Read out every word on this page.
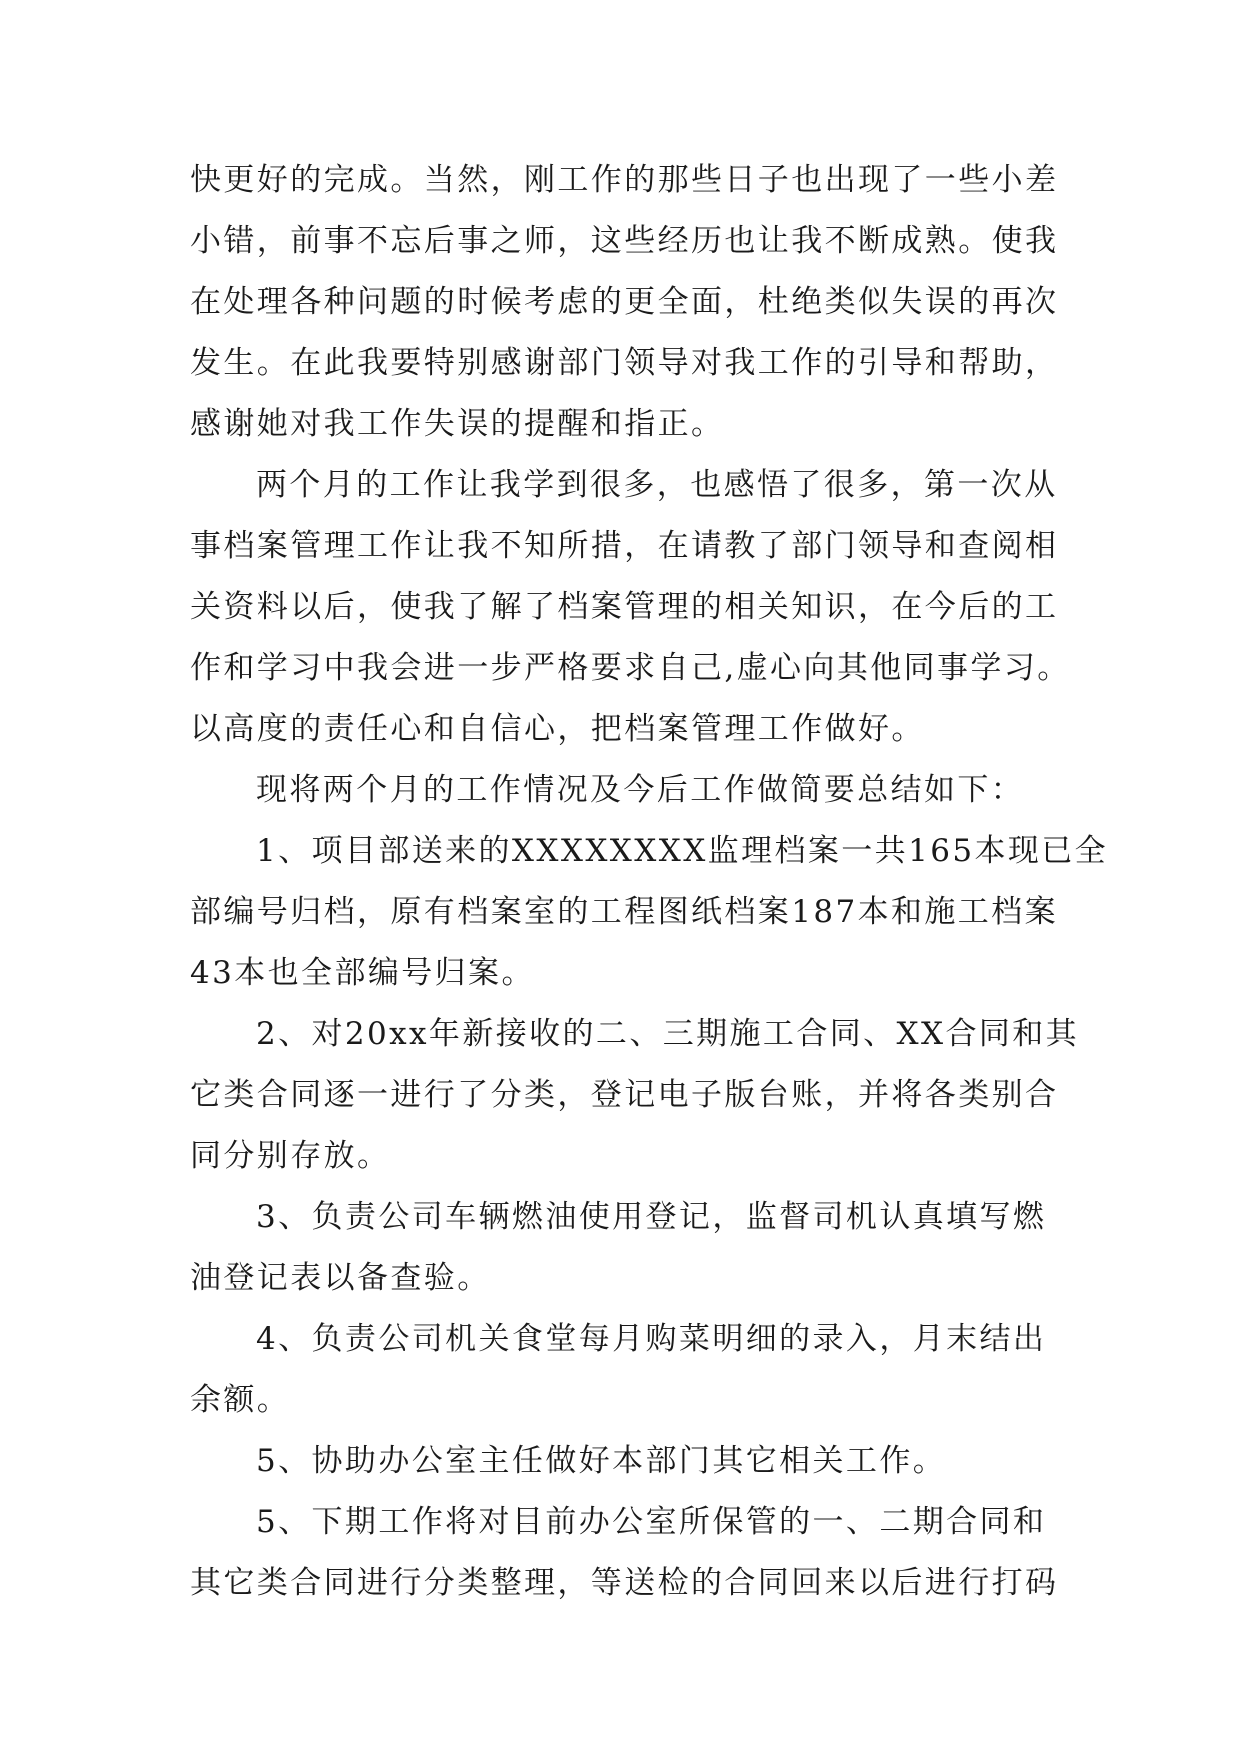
快更好的完成。当然，刚工作的那些日子也出现了一些小差
小错，前事不忘后事之师，这些经历也让我不断成熟。使我
在处理各种问题的时候考虑的更全面，杜绝类似失误的再次
发生。在此我要特别感谢部门领导对我工作的引导和帮助，
感谢她对我工作失误的提醒和指正。
两个月的工作让我学到很多，也感悟了很多，第一次从
事档案管理工作让我不知所措，在请教了部门领导和查阅相
关资料以后，使我了解了档案管理的相关知识，在今后的工
作和学习中我会进一步严格要求自己,虚心向其他同事学习。
以高度的责任心和自信心，把档案管理工作做好。
现将两个月的工作情况及今后工作做简要总结如下：
1、项目部送来的XXXXXXXX监理档案一共165本现已全
部编号归档，原有档案室的工程图纸档案187本和施工档案
43本也全部编号归案。
2、对20xx年新接收的二、三期施工合同、XX合同和其
它类合同逐一进行了分类，登记电子版台账，并将各类别合
同分别存放。
3、负责公司车辆燃油使用登记，监督司机认真填写燃
油登记表以备查验。
4、负责公司机关食堂每月购菜明细的录入，月末结出
余额。
5、协助办公室主任做好本部门其它相关工作。
5、下期工作将对目前办公室所保管的一、二期合同和
其它类合同进行分类整理，等送检的合同回来以后进行打码
